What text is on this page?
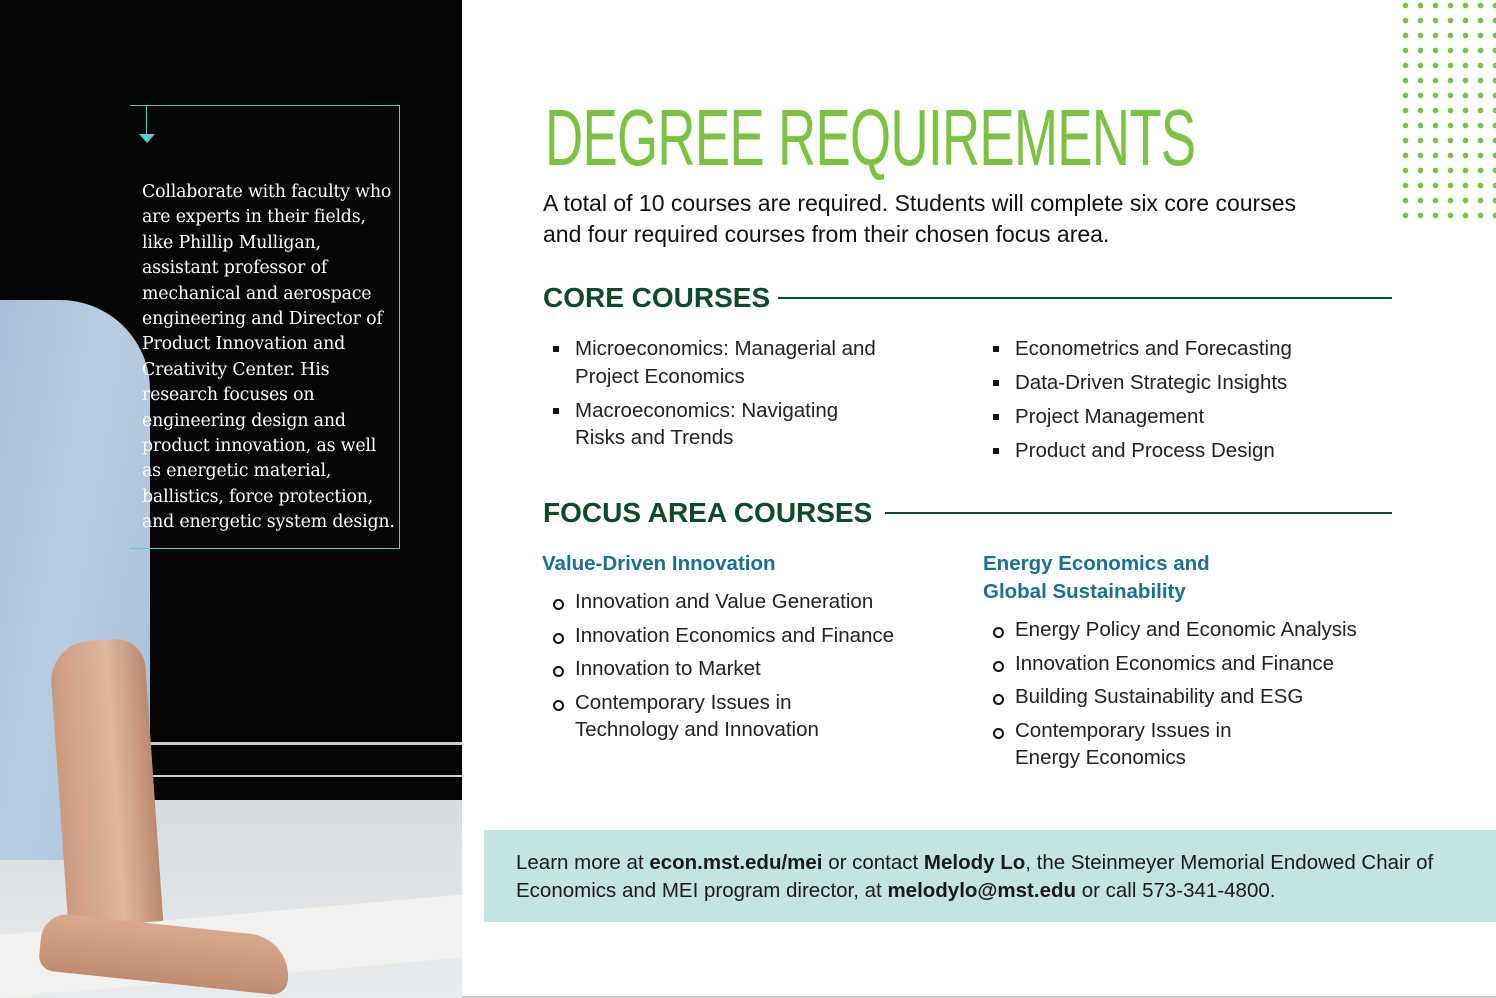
Collaborate with faculty who are experts in their fields, like Phillip Mulligan, assistant professor of mechanical and aerospace engineering and Director of Product Innovation and Creativity Center. His research focuses on engineering design and product innovation, as well as energetic material, ballistics, force protection, and energetic system design.

DEGREE REQUIREMENTS

A total of 10 courses are required. Students will complete six core courses and four required courses from their chosen focus area.

CORE COURSES
Microeconomics: Managerial and Project Economics
Macroeconomics: Navigating Risks and Trends
Econometrics and Forecasting
Data-Driven Strategic Insights
Project Management
Product and Process Design
FOCUS AREA COURSES
Value-Driven Innovation
Innovation and Value Generation
Innovation Economics and Finance
Innovation to Market
Contemporary Issues in Technology and Innovation
Energy Economics and Global Sustainability
Energy Policy and Economic Analysis
Innovation Economics and Finance
Building Sustainability and ESG
Contemporary Issues in Energy Economics

Learn more at econ.mst.edu/mei or contact Melody Lo, the Steinmeyer Memorial Endowed Chair of Economics and MEI program director, at melodylo@mst.edu or call 573-341-4800.
